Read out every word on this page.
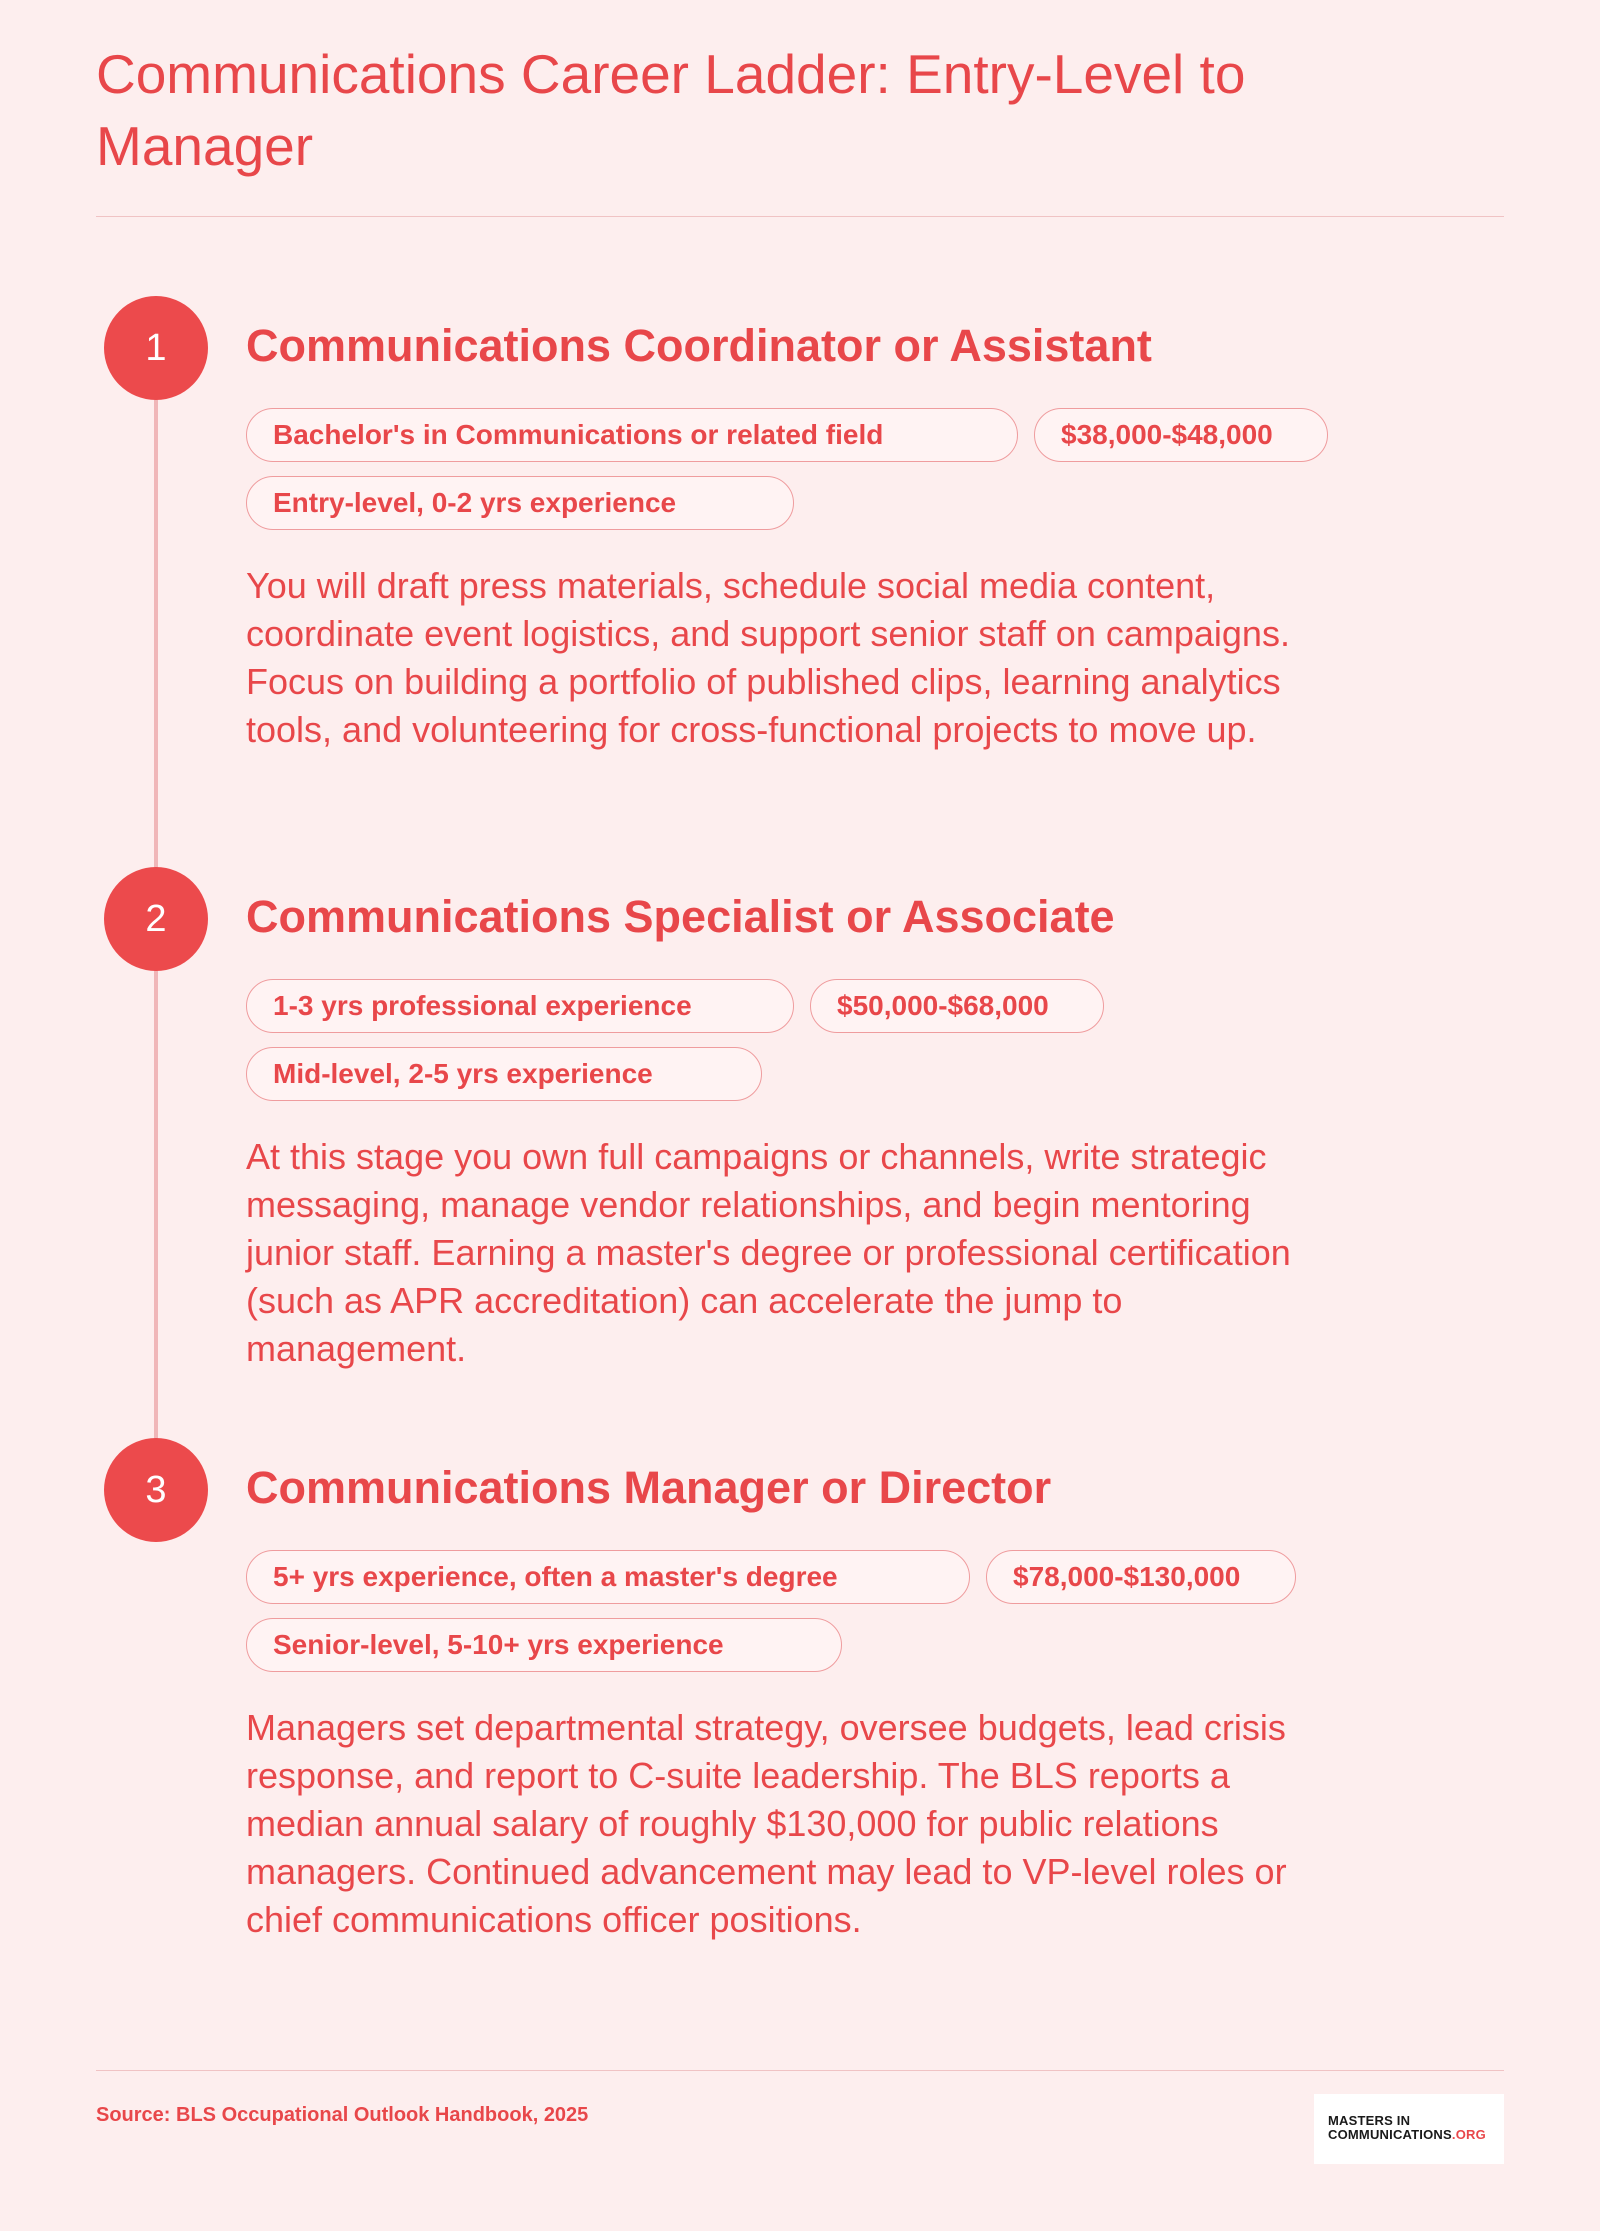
Communications Career Ladder: Entry-Level to Manager
1	Communications Coordinator or Assistant
Bachelor's in Communications or related field	$38,000-$48,000
Entry-level, 0-2 yrs experience

You will draft press materials, schedule social media content, coordinate event logistics, and support senior staff on campaigns. Focus on building a portfolio of published clips, learning analytics tools, and volunteering for cross-functional projects to move up.

2	Communications Specialist or Associate
1-3 yrs professional experience	$50,000-$68,000
Mid-level, 2-5 yrs experience

At this stage you own full campaigns or channels, write strategic messaging, manage vendor relationships, and begin mentoring junior staff. Earning a master's degree or professional certification (such as APR accreditation) can accelerate the jump to management.

3	Communications Manager or Director
5+ yrs experience, often a master's degree	$78,000-$130,000
Senior-level, 5-10+ yrs experience

Managers set departmental strategy, oversee budgets, lead crisis response, and report to C-suite leadership. The BLS reports a median annual salary of roughly $130,000 for public relations managers. Continued advancement may lead to VP-level roles or chief communications officer positions.

Source: BLS Occupational Outlook Handbook, 2025	MASTERS IN
COMMUNICATIONS.ORG
